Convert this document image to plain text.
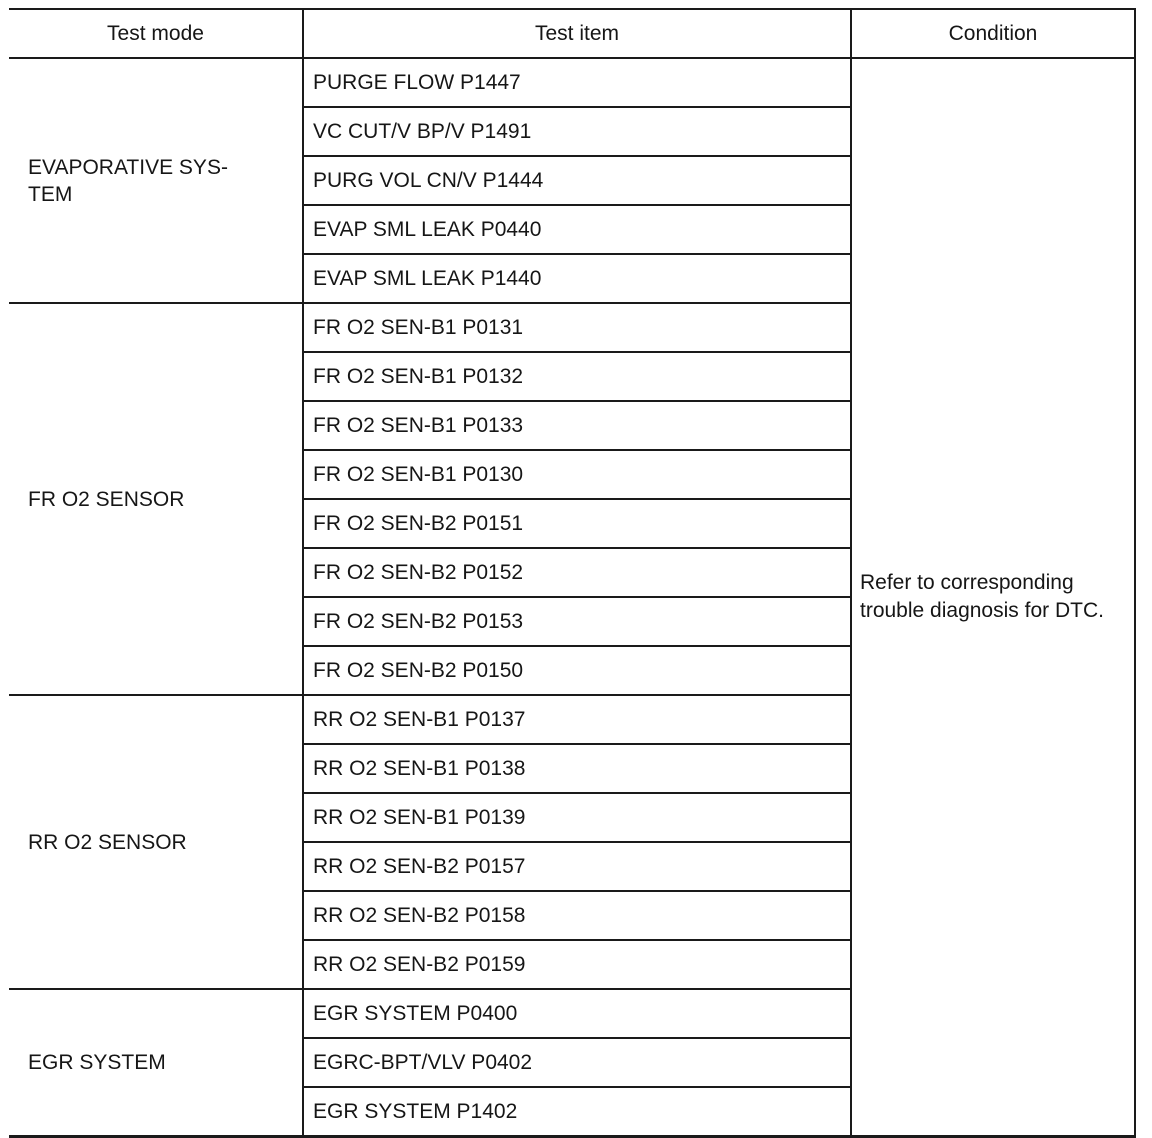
Test mode	Test item	Condition
EVAPORATIVE SYS-
TEM	PURGE FLOW P1447	Refer to corresponding trouble diagnosis for DTC.
	VC CUT/V BP/V P1491	
	PURG VOL CN/V P1444	
	EVAP SML LEAK P0440	
	EVAP SML LEAK P1440	
FR O2 SENSOR	FR O2 SEN-B1 P0131	
	FR O2 SEN-B1 P0132	
	FR O2 SEN-B1 P0133	
	FR O2 SEN-B1 P0130	
	FR O2 SEN-B2 P0151	
	FR O2 SEN-B2 P0152	
	FR O2 SEN-B2 P0153	
	FR O2 SEN-B2 P0150	
RR O2 SENSOR	RR O2 SEN-B1 P0137	
	RR O2 SEN-B1 P0138	
	RR O2 SEN-B1 P0139	
	RR O2 SEN-B2 P0157	
	RR O2 SEN-B2 P0158	
	RR O2 SEN-B2 P0159	
EGR SYSTEM	EGR SYSTEM P0400	
	EGRC-BPT/VLV P0402	
	EGR SYSTEM P1402	
